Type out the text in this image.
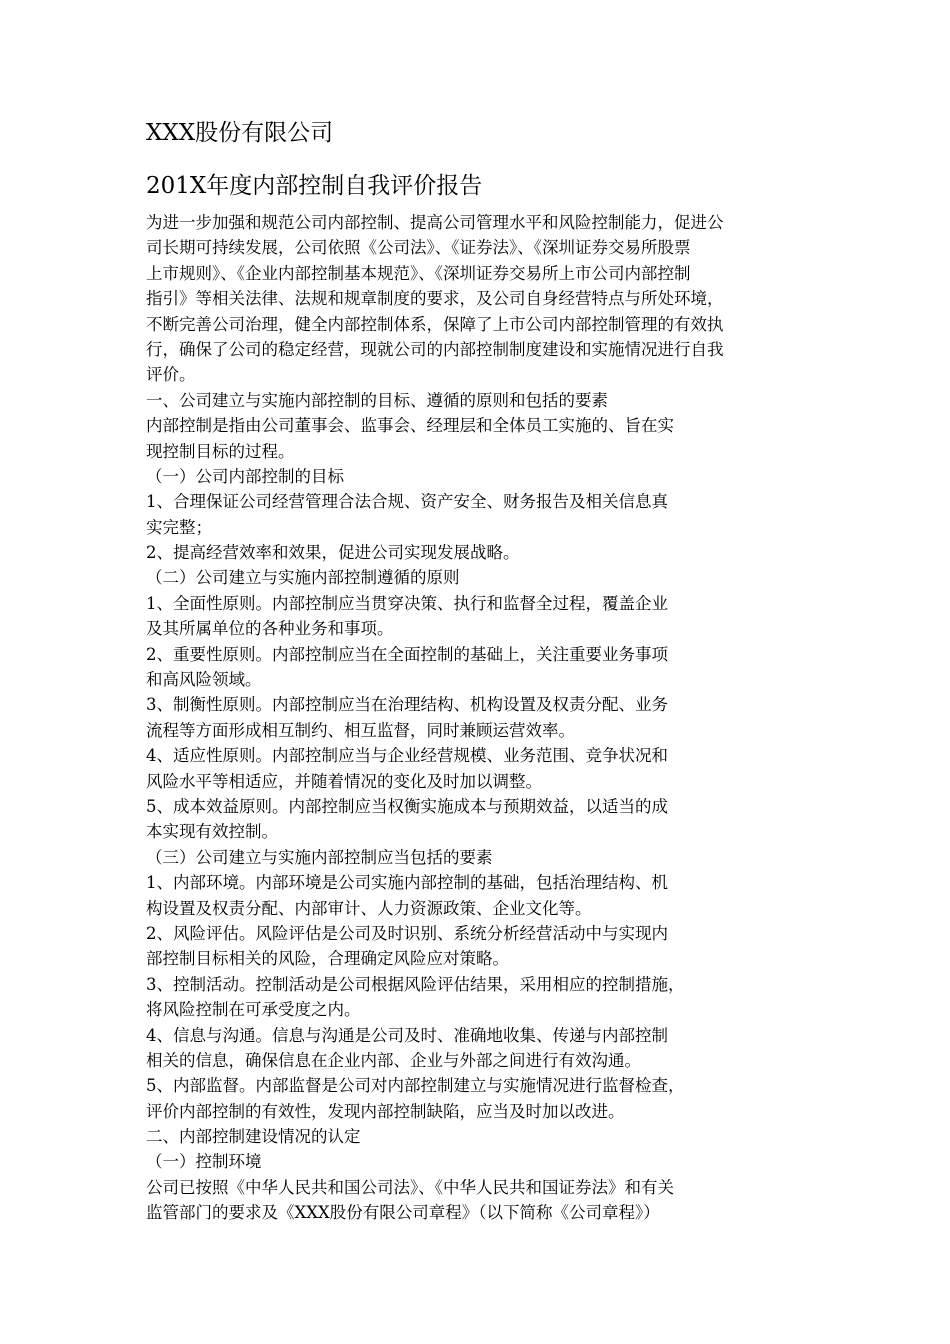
XXX股份有限公司
201X年度内部控制自我评价报告
为进一步加强和规范公司内部控制、提高公司管理水平和风险控制能力，促进公
司长期可持续发展，公司依照《公司法》、《证券法》、《深圳证券交易所股票
上市规则》、《企业内部控制基本规范》、《深圳证券交易所上市公司内部控制
指引》等相关法律、法规和规章制度的要求，及公司自身经营特点与所处环境，
不断完善公司治理，健全内部控制体系，保障了上市公司内部控制管理的有效执
行，确保了公司的稳定经营，现就公司的内部控制制度建设和实施情况进行自我
评价。
一、公司建立与实施内部控制的目标、遵循的原则和包括的要素
内部控制是指由公司董事会、监事会、经理层和全体员工实施的、旨在实
现控制目标的过程。
（一）公司内部控制的目标
1、合理保证公司经营管理合法合规、资产安全、财务报告及相关信息真
实完整；
2、提高经营效率和效果，促进公司实现发展战略。
（二）公司建立与实施内部控制遵循的原则
1、全面性原则。内部控制应当贯穿决策、执行和监督全过程，覆盖企业
及其所属单位的各种业务和事项。
2、重要性原则。内部控制应当在全面控制的基础上，关注重要业务事项
和高风险领域。
3、制衡性原则。内部控制应当在治理结构、机构设置及权责分配、业务
流程等方面形成相互制约、相互监督，同时兼顾运营效率。
4、适应性原则。内部控制应当与企业经营规模、业务范围、竞争状况和
风险水平等相适应，并随着情况的变化及时加以调整。
5、成本效益原则。内部控制应当权衡实施成本与预期效益，以适当的成
本实现有效控制。
（三）公司建立与实施内部控制应当包括的要素
1、内部环境。内部环境是公司实施内部控制的基础，包括治理结构、机
构设置及权责分配、内部审计、人力资源政策、企业文化等。
2、风险评估。风险评估是公司及时识别、系统分析经营活动中与实现内
部控制目标相关的风险，合理确定风险应对策略。
3、控制活动。控制活动是公司根据风险评估结果，采用相应的控制措施，
将风险控制在可承受度之内。
4、信息与沟通。信息与沟通是公司及时、准确地收集、传递与内部控制
相关的信息，确保信息在企业内部、企业与外部之间进行有效沟通。
5、内部监督。内部监督是公司对内部控制建立与实施情况进行监督检查，
评价内部控制的有效性，发现内部控制缺陷，应当及时加以改进。
二、内部控制建设情况的认定
（一）控制环境
公司已按照《中华人民共和国公司法》、《中华人民共和国证券法》和有关
监管部门的要求及《XXX股份有限公司章程》（以下简称《公司章程》）
